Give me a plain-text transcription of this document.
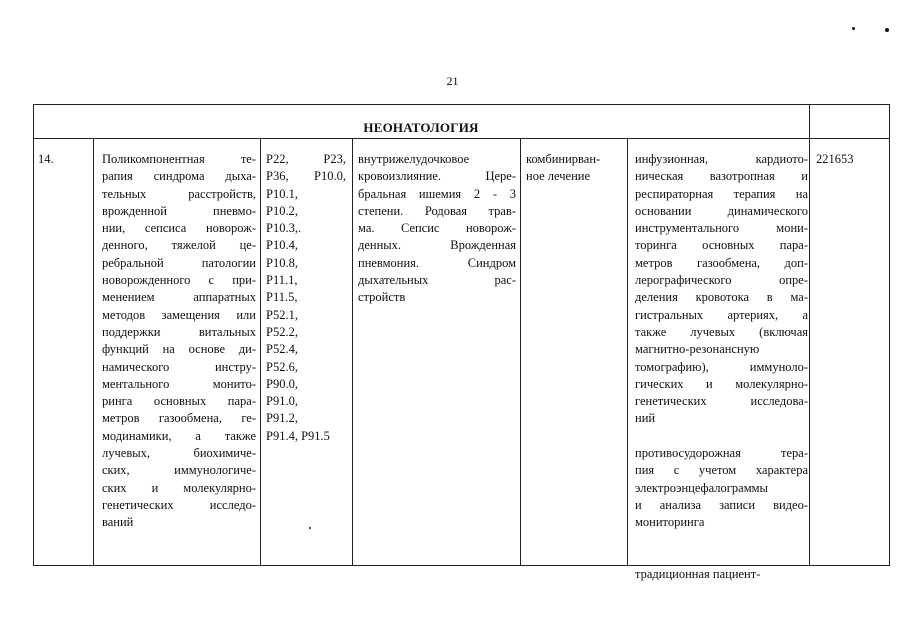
21
НЕОНАТОЛОГИЯ
14.	Поликомпонентная те-
рапия синдрома дыха-
тельных расстройств,
врожденной пневмо-
нии, сепсиса новорож-
денного, тяжелой це-
ребральной патологии
новорожденного с при-
менением аппаратных
методов замещения или
поддержки витальных
функций на основе ди-
намического инстру-
ментального монито-
ринга основных пара-
метров газообмена, ге-
модинамики, а также
лучевых, биохимиче-
ских, иммунологиче-
ских и молекулярно-
генетических исследо-
ваний
P22, P23,
P36, P10.0,
P10.1,
P10.2,
P10.3,.
P10.4,
P10.8,
P11.1,
P11.5,
P52.1,
P52.2,
P52.4,
P52.6,
P90.0,
P91.0,
P91.2,
P91.4, P91.5
внутрижелудочковое
кровоизлияние. Цере-
бральная ишемия 2 - 3
степени. Родовая трав-
ма. Сепсис новорож-
денных. Врожденная
пневмония. Синдром
дыхательных рас-
стройств
комбинирван-
ное лечение
инфузионная, кардиото-
ническая вазотропная и
респираторная терапия на
основании динамического
инструментального мони-
торинга основных пара-
метров газообмена, доп-
лерографического опре-
деления кровотока в ма-
гистральных артериях, а
также лучевых (включая
магнитно-резонансную
томографию), иммуноло-
гических и молекулярно-
генетических исследова-
ний
противосудорожная тера-
пия с учетом характера
электроэнцефалограммы
и анализа записи видео-
мониторинга
традиционная пациент-
221653
